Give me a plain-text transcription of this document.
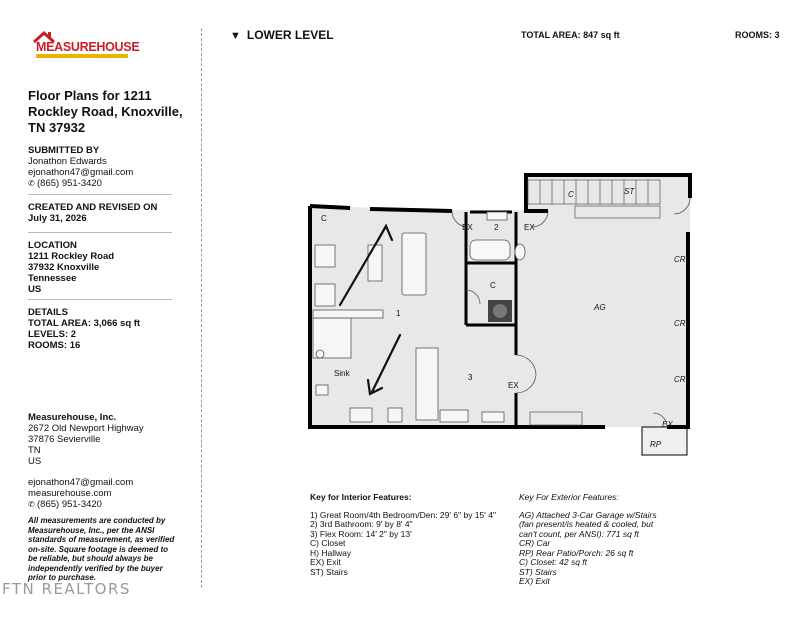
MEASUREHOUSE
Floor Plans for 1211 Rockley Road, Knoxville, TN 37932
SUBMITTED BY
Jonathon Edwards
ejonathon47@gmail.com
✆ (865) 951-3420
CREATED AND REVISED ON
July 31, 2026
LOCATION
1211 Rockley Road
37932 Knoxville
Tennessee
US
DETAILS
TOTAL AREA: 3,066 sq ft
LEVELS: 2
ROOMS: 16
Measurehouse, Inc.
2672 Old Newport Highway
37876 Sevierville
TN
US
ejonathon47@gmail.com
measurehouse.com
✆ (865) 951-3420
All measurements are conducted by Measurehouse, Inc., per the ANSI standards of measurement, as verified on-site. Square footage is deemed to be reliable, but should always be independently verified by the buyer prior to purchase.
FTN REALTORS
▼ LOWER LEVEL	TOTAL AREA: 847 sq ft	ROOMS: 3
C
1
2
3
C
Sink
EX	EX
EX
AG
C	ST
CR
CR
CR
EX
RP
Key for Interior Features:
1) Great Room/4th Bedroom/Den: 29' 6" by 15' 4"
2) 3rd Bathroom: 9' by 8' 4"
3) Flex Room: 14' 2" by 13'
C) Closet
H) Hallway
EX) Exit
ST) Stairs
Key For Exterior Features:
AG) Attached 3-Car Garage w/Stairs (fan present/is heated & cooled, but can't count, per ANSI): 771 sq ft
CR) Car
RP) Rear Patio/Porch: 26 sq ft
C) Closet: 42 sq ft
ST) Stairs
EX) Exit
